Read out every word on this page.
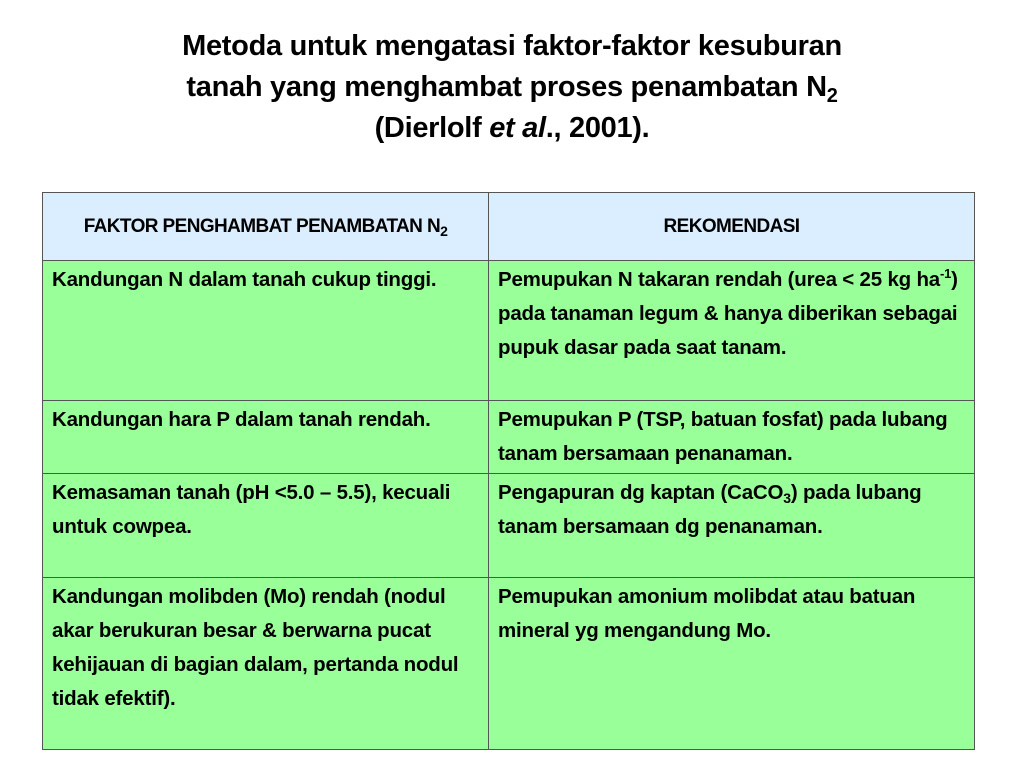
Metoda untuk mengatasi faktor-faktor kesuburan
tanah yang menghambat proses penambatan $N_2$
(Dierlolf et al., 2001).
FAKTOR PENGHAMBAT PENAMBATAN $N_2$	REKOMENDASI
Kandungan N dalam tanah cukup tinggi.	Pemupukan N takaran rendah (urea < 25 kg $ha^{-1}$) pada tanaman legum & hanya diberikan sebagai pupuk dasar pada saat tanam.
Kandungan hara P dalam tanah rendah.	Pemupukan P (TSP, batuan fosfat) pada lubang tanam bersamaan penanaman.
Kemasaman tanah (pH <5.0 – 5.5), kecuali untuk cowpea.	Pengapuran dg kaptan (CaCO$_3$) pada lubang tanam bersamaan dg penanaman.
Kandungan molibden (Mo) rendah (nodul akar berukuran besar & berwarna pucat kehijauan di bagian dalam, pertanda nodul tidak efektif).	Pemupukan amonium molibdat atau batuan mineral yg mengandung Mo.
